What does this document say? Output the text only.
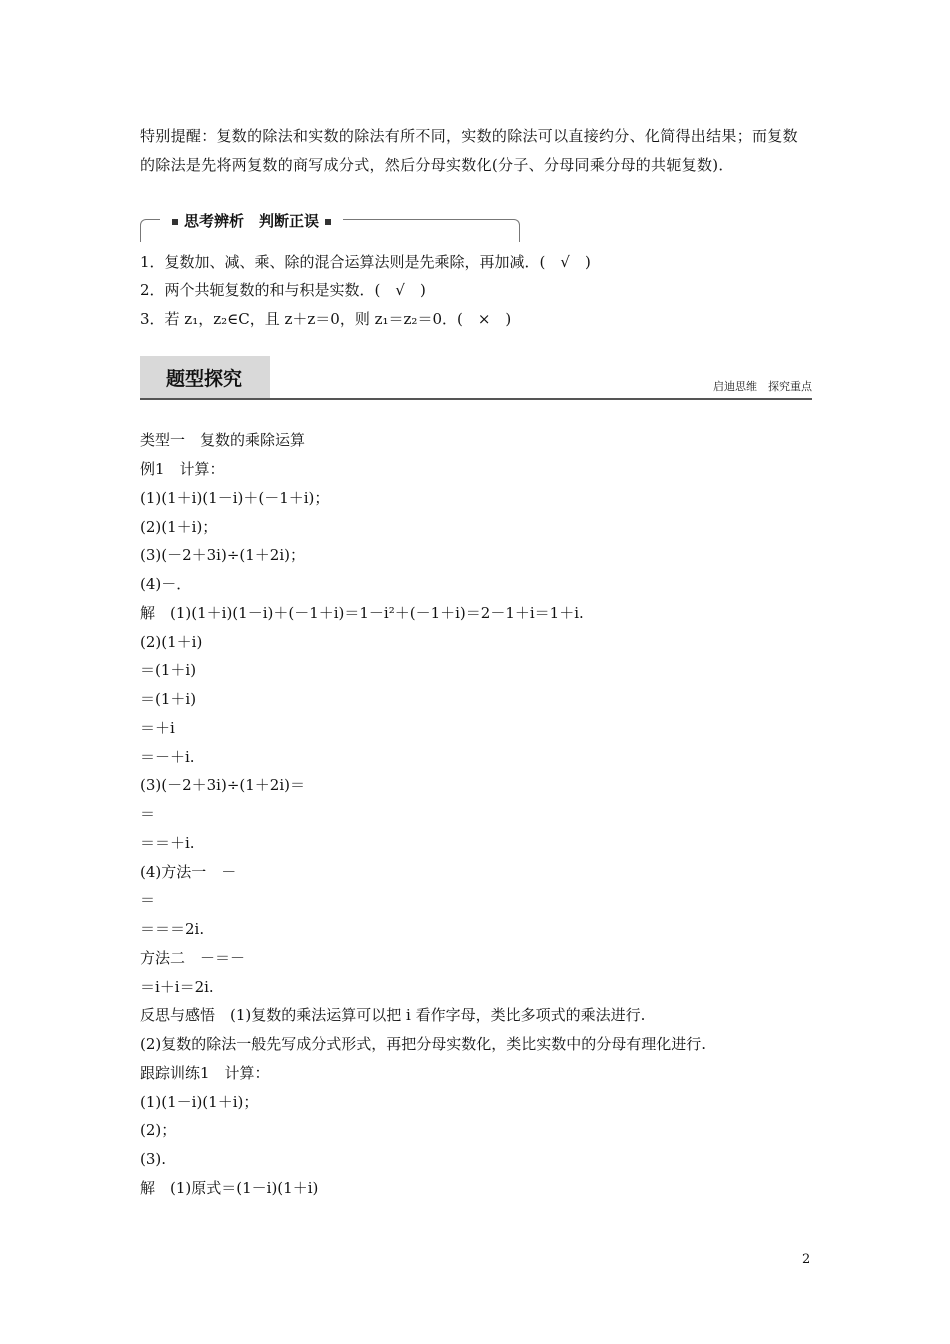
特别提醒：复数的除法和实数的除法有所不同，实数的除法可以直接约分、化简得出结果；而复数的除法是先将两复数的商写成分式，然后分母实数化(分子、分母同乘分母的共轭复数)．
思考辨析　判断正误
1．复数加、减、乘、除的混合运算法则是先乘除，再加减．(　√　)
2．两个共轭复数的和与积是实数．(　√　)
3．若 z₁，z₂∈C，且 z＋z＝0，则 z₁＝z₂＝0．(　×　)
题型探究	启迪思维　探究重点
类型一　复数的乘除运算
例1　计算：
(1)(1＋i)(1－i)＋(－1＋i)；
(2)(1＋i)；
(3)(－2＋3i)÷(1＋2i)；
(4)－．
解　(1)(1＋i)(1－i)＋(－1＋i)＝1－i²＋(－1＋i)＝2－1＋i＝1＋i.
(2)(1＋i)
＝(1＋i)
＝(1＋i)
＝＋i
＝－＋i.
(3)(－2＋3i)÷(1＋2i)＝
＝
＝＝＋i.
(4)方法一　－
＝
＝＝＝2i.
方法二　－＝－
＝i＋i＝2i.
反思与感悟　(1)复数的乘法运算可以把 i 看作字母，类比多项式的乘法进行.
(2)复数的除法一般先写成分式形式，再把分母实数化，类比实数中的分母有理化进行.
跟踪训练1　计算：
(1)(1－i)(1＋i)；
(2)；
(3).
解　(1)原式＝(1－i)(1＋i)
2
